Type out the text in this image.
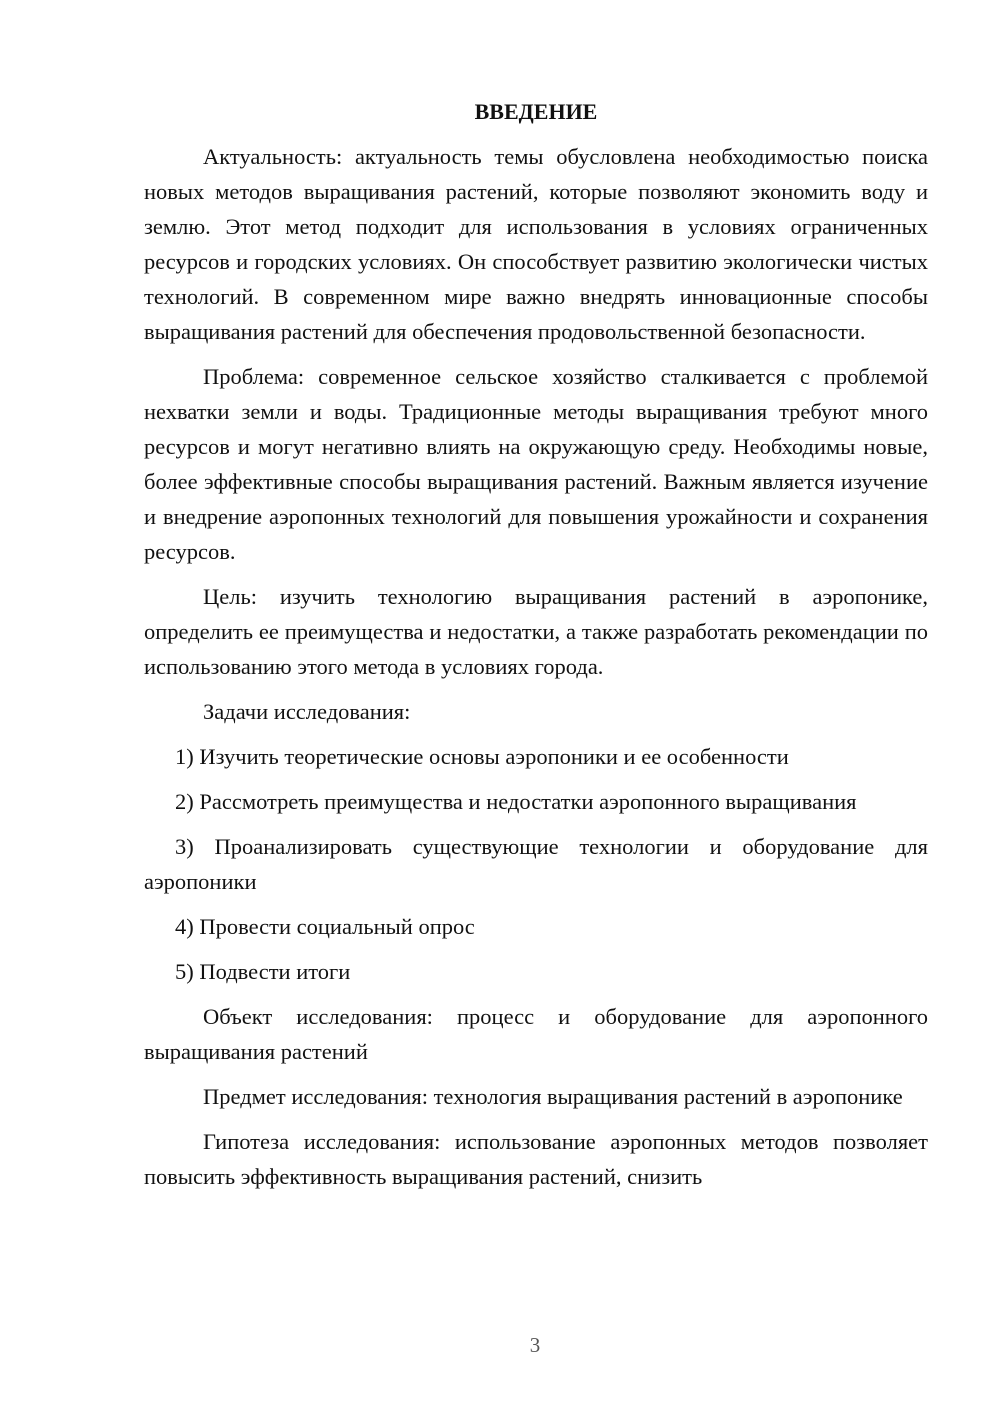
ВВЕДЕНИЕ

Актуальность: актуальность темы обусловлена необходимостью поиска новых методов выращивания растений, которые позволяют экономить воду и землю. Этот метод подходит для использования в условиях ограниченных ресурсов и городских условиях. Он способствует развитию экологически чистых технологий. В современном мире важно внедрять инновационные способы выращивания растений для обеспечения продовольственной безопасности.

Проблема: современное сельское хозяйство сталкивается с проблемой нехватки земли и воды. Традиционные методы выращивания требуют много ресурсов и могут негативно влиять на окружающую среду. Необходимы новые, более эффективные способы выращивания растений. Важным является изучение и внедрение аэропонных технологий для повышения урожайности и сохранения ресурсов.

Цель: изучить технологию выращивания растений в аэропонике, определить ее преимущества и недостатки, а также разработать рекомендации по использованию этого метода в условиях города.

Задачи исследования:

1) Изучить теоретические основы аэропоники и ее особенности

2) Рассмотреть преимущества и недостатки аэропонного выращивания

3) Проанализировать существующие технологии и оборудование для аэропоники

4) Провести социальный опрос

5) Подвести итоги

Объект исследования: процесс и оборудование для аэропонного выращивания растений

Предмет исследования: технология выращивания растений в аэропонике

Гипотеза исследования: использование аэропонных методов позволяет повысить эффективность выращивания растений, снизить

3
